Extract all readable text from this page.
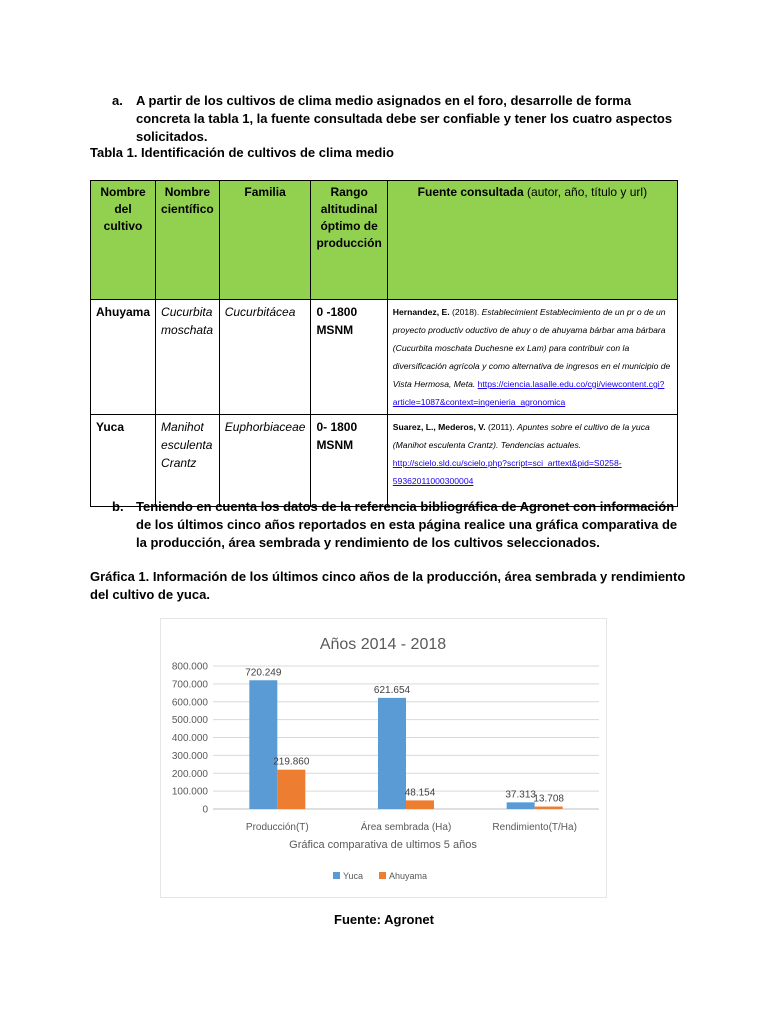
a. A partir de los cultivos de clima medio asignados en el foro, desarrolle de forma concreta la tabla 1, la fuente consultada debe ser confiable y tener los cuatro aspectos solicitados.
Tabla 1. Identificación de cultivos de clima medio
Nombre del cultivo	Nombre científico	Familia	Rango altitudinal óptimo de producción	Fuente consultada (autor, año, título y url)
Ahuyama	Cucurbita moschata	Cucurbitácea	0 -1800 MSNM	Hernandez, E. (2018). Establecimient Establecimiento de un pr o de un proyecto productiv oductivo de ahuy o de ahuyama bárbar ama bárbara (Cucurbita moschata Duchesne ex Lam) para contribuir con la diversificación agrícola y como alternativa de ingresos en el municipio de Vista Hermosa, Meta. https://ciencia.lasalle.edu.co/cgi/viewcontent.cgi?article=1087&context=ingenieria_agronomica
Yuca	Manihot esculenta Crantz	Euphorbiaceae	0- 1800 MSNM	Suarez, L., Mederos, V. (2011). Apuntes sobre el cultivo de la yuca (Manihot esculenta Crantz). Tendencias actuales. http://scielo.sld.cu/scielo.php?script=sci_arttext&pid=S0258-59362011000300004
b. Teniendo en cuenta los datos de la referencia bibliográfica de Agronet con información de los últimos cinco años reportados en esta página realice una gráfica comparativa de la producción, área sembrada y rendimiento de los cultivos seleccionados.
Gráfica 1. Información de los últimos cinco años de la producción, área sembrada y rendimiento del cultivo de yuca.
Años 2014 - 2018
0
100.000
200.000
300.000
400.000
500.000
600.000
700.000
800.000
720.249
219.860
Producción(T)
621.654
48.154
Área sembrada (Ha)
37.313
13.708
Rendimiento(T/Ha)
Gráfica comparativa de ultimos 5 años
Yuca	Ahuyama
Fuente: Agronet
